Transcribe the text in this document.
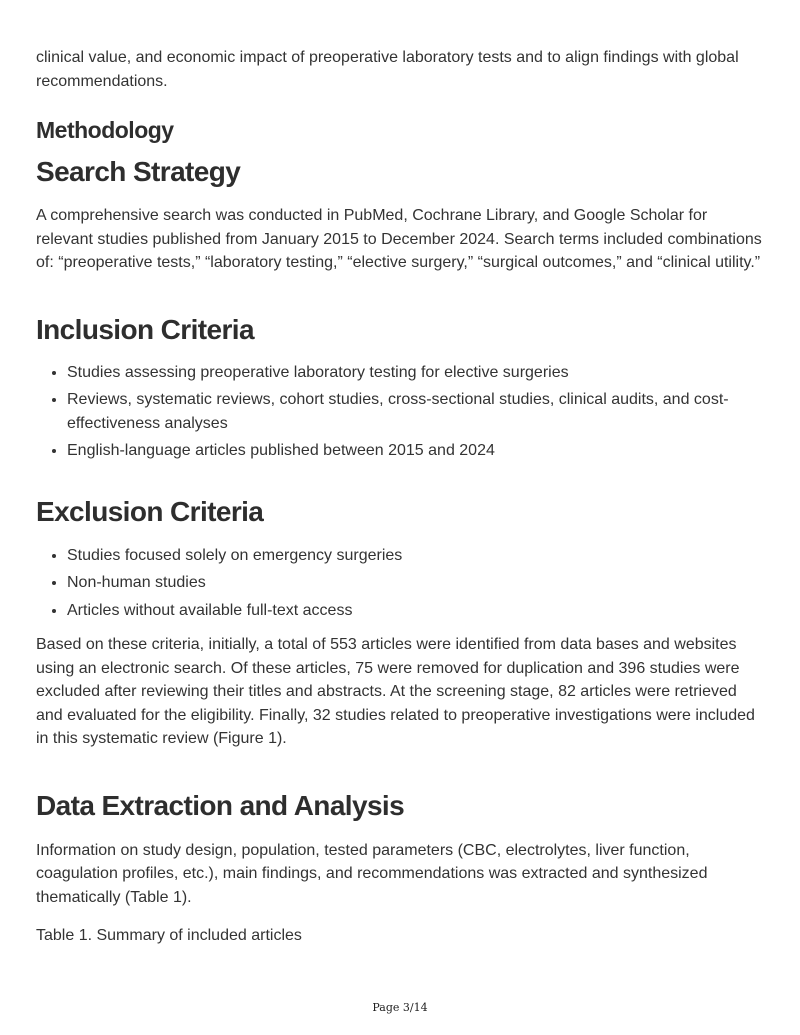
clinical value, and economic impact of preoperative laboratory tests and to align findings with global recommendations.

Methodology
Search Strategy

A comprehensive search was conducted in PubMed, Cochrane Library, and Google Scholar for relevant studies published from January 2015 to December 2024. Search terms included combinations of: “preoperative tests,” “laboratory testing,” “elective surgery,” “surgical outcomes,” and “clinical utility.”

Inclusion Criteria
• Studies assessing preoperative laboratory testing for elective surgeries
• Reviews, systematic reviews, cohort studies, cross-sectional studies, clinical audits, and cost-effectiveness analyses
• English-language articles published between 2015 and 2024
Exclusion Criteria
• Studies focused solely on emergency surgeries
• Non-human studies
• Articles without available full-text access

Based on these criteria, initially, a total of 553 articles were identified from data bases and websites using an electronic search. Of these articles, 75 were removed for duplication and 396 studies were excluded after reviewing their titles and abstracts. At the screening stage, 82 articles were retrieved and evaluated for the eligibility. Finally, 32 studies related to preoperative investigations were included in this systematic review (Figure 1).

Data Extraction and Analysis

Information on study design, population, tested parameters (CBC, electrolytes, liver function, coagulation profiles, etc.), main findings, and recommendations was extracted and synthesized thematically (Table 1).

Table 1. Summary of included articles

Page 3/14
